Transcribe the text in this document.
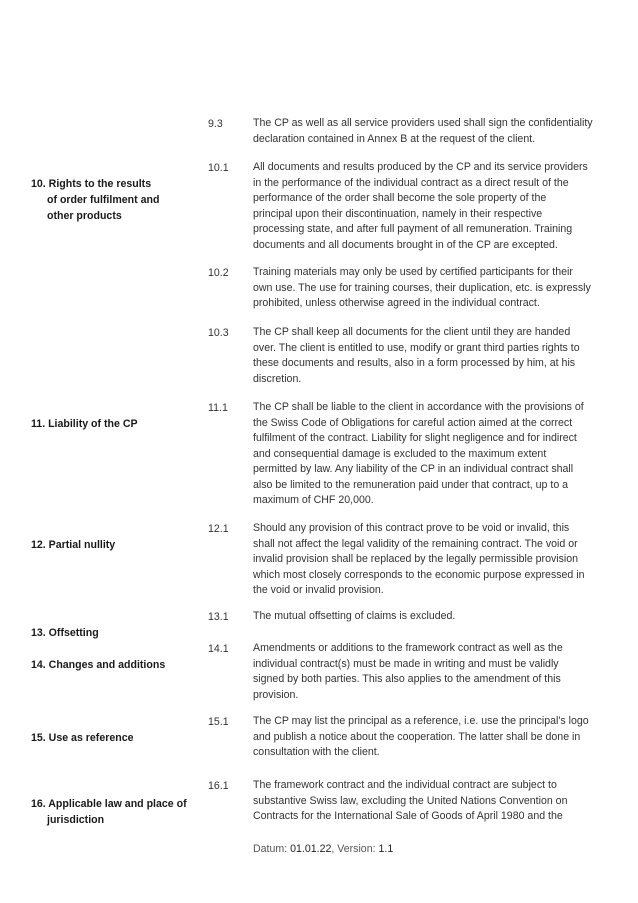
9.3	The CP as well as all service providers used shall sign the confidentiality
declaration contained in Annex B at the request of the client.

10. Rights to the results

of order fulfilment and
other products

10.1 All documents and results produced by the CP and its service providers
in the performance of the individual contract as a direct result of the
performance of the order shall become the sole property of the
principal upon their discontinuation, namely in their respective
processing state, and after full payment of all remuneration. Training
documents and all documents brought in of the CP are excepted.
10.2 Training materials may only be used by certified participants for their
own use. The use for training courses, their duplication, etc. is expressly
prohibited, unless otherwise agreed in the individual contract.
10.3 The CP shall keep all documents for the client until they are handed
over. The client is entitled to use, modify or grant third parties rights to
these documents and results, also in a form processed by him, at his
discretion.

11. Liability of the CP

11.1 The CP shall be liable to the client in accordance with the provisions of
the Swiss Code of Obligations for careful action aimed at the correct
fulfilment of the contract. Liability for slight negligence and for indirect
and consequential damage is excluded to the maximum extent
permitted by law. Any liability of the CP in an individual contract shall
also be limited to the remuneration paid under that contract, up to a
maximum of CHF 20,000.

12. Partial nullity

12.1 Should any provision of this contract prove to be void or invalid, this
shall not affect the legal validity of the remaining contract. The void or
invalid provision shall be replaced by the legally permissible provision
which most closely corresponds to the economic purpose expressed in
the void or invalid provision.

13. Offsetting

13.1 The mutual offsetting of claims is excluded.

14. Changes and additions

14.1 Amendments or additions to the framework contract as well as the
individual contract(s) must be made in writing and must be validly
signed by both parties. This also applies to the amendment of this
provision.

15. Use as reference

15.1 The CP may list the principal as a reference, i.e. use the principal's logo
and publish a notice about the cooperation. The latter shall be done in
consultation with the client.

16. Applicable law and place of

jurisdiction

16.1 The framework contract and the individual contract are subject to
substantive Swiss law, excluding the United Nations Convention on
Contracts for the International Sale of Goods of April 1980 and the
Datum: 01.01.22, Version: 1.1
